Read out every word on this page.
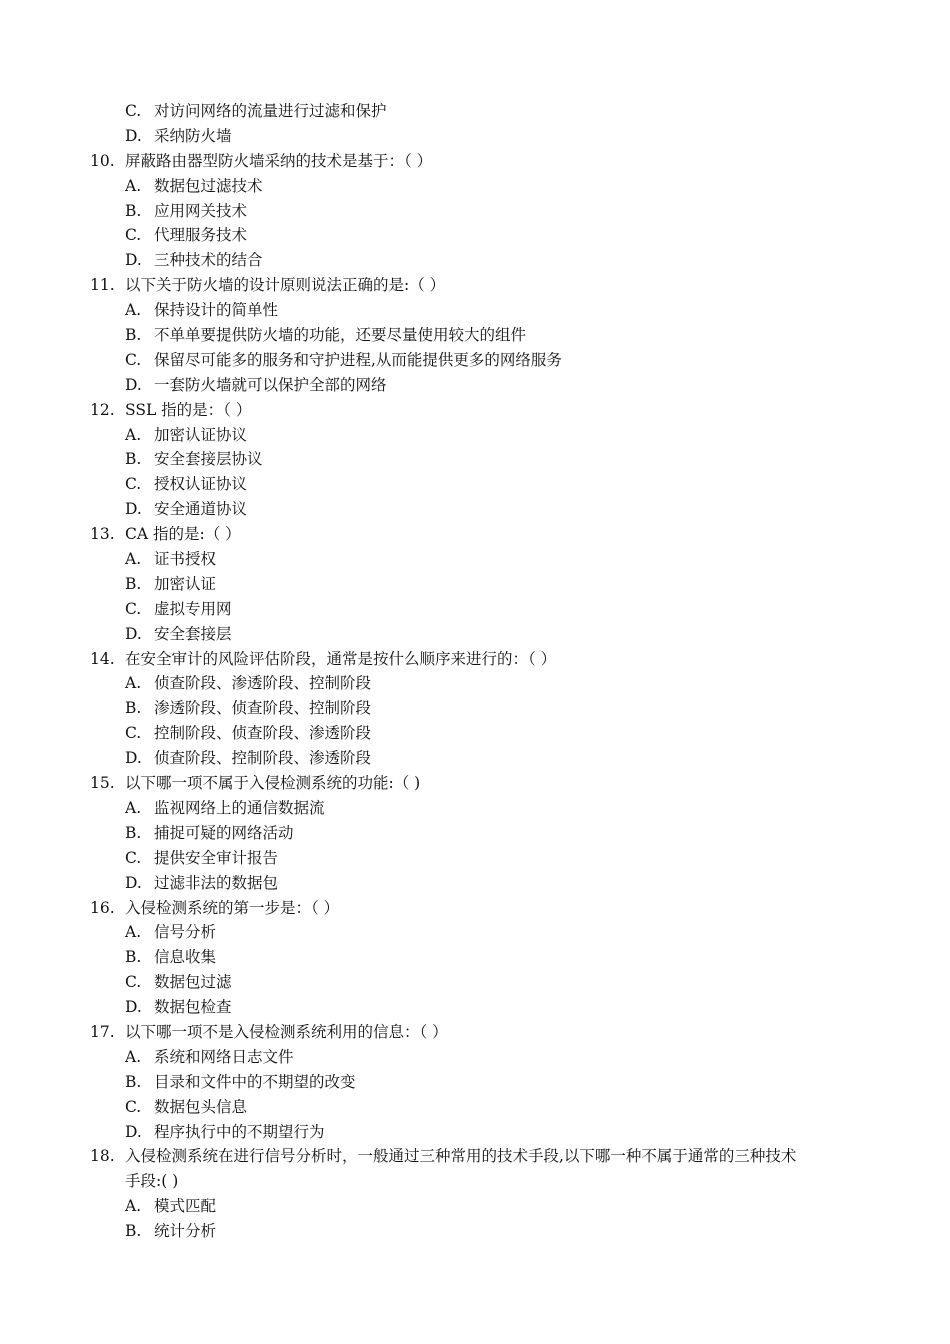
C. 对访问网络的流量进行过滤和保护
D. 采纳防火墙
10. 屏蔽路由器型防火墙采纳的技术是基于：（ ）
A. 数据包过滤技术
B. 应用网关技术
C. 代理服务技术
D. 三种技术的结合
11. 以下关于防火墙的设计原则说法正确的是:（ ）
A. 保持设计的简单性
B. 不单单要提供防火墙的功能，还要尽量使用较大的组件
C. 保留尽可能多的服务和守护进程,从而能提供更多的网络服务
D. 一套防火墙就可以保护全部的网络
12. SSL 指的是：（ ）
A. 加密认证协议
B. 安全套接层协议
C. 授权认证协议
D. 安全通道协议
13. CA 指的是:（ ）
A. 证书授权
B. 加密认证
C. 虚拟专用网
D. 安全套接层
14. 在安全审计的风险评估阶段，通常是按什么顺序来进行的：（ ）
A. 侦查阶段、渗透阶段、控制阶段
B. 渗透阶段、侦查阶段、控制阶段
C. 控制阶段、侦查阶段、渗透阶段
D. 侦查阶段、控制阶段、渗透阶段
15. 以下哪一项不属于入侵检测系统的功能:（ )
A. 监视网络上的通信数据流
B. 捕捉可疑的网络活动
C. 提供安全审计报告
D. 过滤非法的数据包
16. 入侵检测系统的第一步是：（ ）
A. 信号分析
B. 信息收集
C. 数据包过滤
D. 数据包检查
17. 以下哪一项不是入侵检测系统利用的信息：（ ）
A. 系统和网络日志文件
B. 目录和文件中的不期望的改变
C. 数据包头信息
D. 程序执行中的不期望行为
18. 入侵检测系统在进行信号分析时，一般通过三种常用的技术手段,以下哪一种不属于通常的三种技术
手段:( )
A. 模式匹配
B. 统计分析
